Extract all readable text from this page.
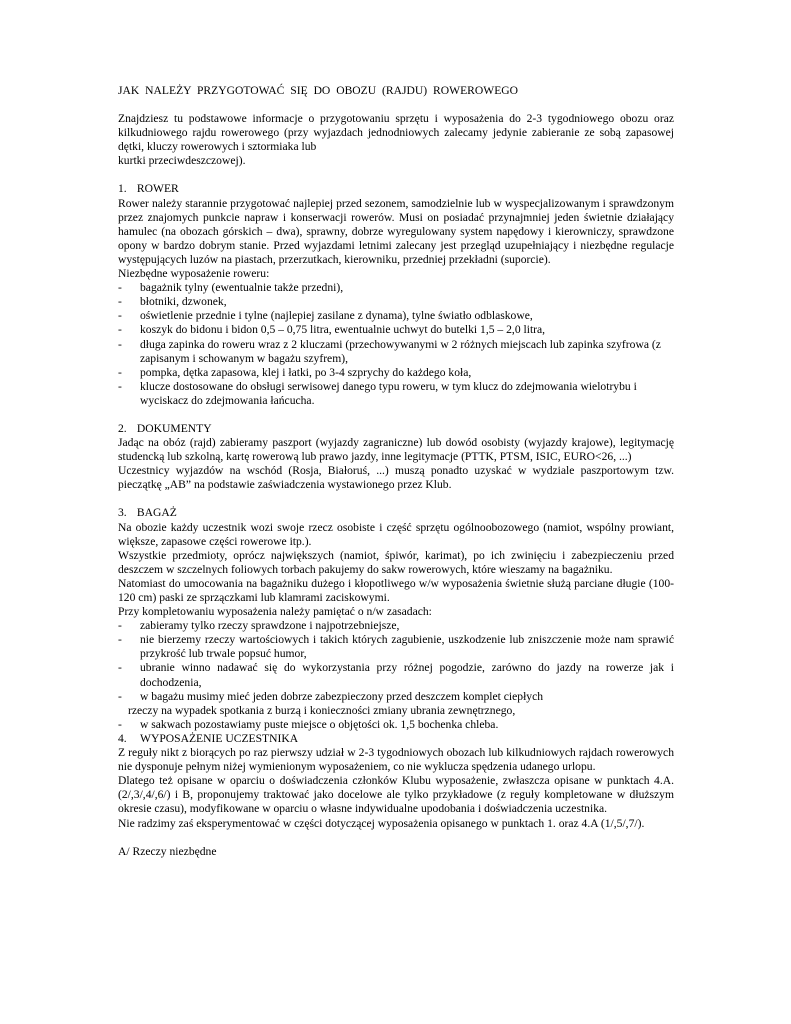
JAK NALEŻY PRZYGOTOWAĆ SIĘ DO OBOZU (RAJDU) ROWEROWEGO

Znajdziesz tu podstawowe informacje o przygotowaniu sprzętu i wyposażenia do 2-3 tygodniowego obozu oraz kilkudniowego rajdu rowerowego (przy wyjazdach jednodniowych zalecamy jedynie zabieranie ze sobą zapasowej dętki, kluczy rowerowych i sztormiaka lub

kurtki przeciwdeszczowej).

1. ROWER

Rower należy starannie przygotować najlepiej przed sezonem, samodzielnie lub w wyspecjalizowanym i sprawdzonym przez znajomych punkcie napraw i konserwacji rowerów. Musi on posiadać przynajmniej jeden świetnie działający hamulec (na obozach górskich – dwa), sprawny, dobrze wyregulowany system napędowy i kierowniczy, sprawdzone opony w bardzo dobrym stanie. Przed wyjazdami letnimi zalecany jest przegląd uzupełniający i niezbędne regulacje występujących luzów na piastach, przerzutkach, kierowniku, przedniej przekładni (suporcie).

Niezbędne wyposażenie roweru:

- bagażnik tylny (ewentualnie także przedni),
- błotniki, dzwonek,
- oświetlenie przednie i tylne (najlepiej zasilane z dynama), tylne światło odblaskowe,
- koszyk do bidonu i bidon 0,5 – 0,75 litra, ewentualnie uchwyt do butelki 1,5 – 2,0 litra,
- długa zapinka do roweru wraz z 2 kluczami (przechowywanymi w 2 różnych miejscach lub zapinka szyfrowa (z zapisanym i schowanym w bagażu szyfrem),
- pompka, dętka zapasowa, klej i łatki, po 3-4 szprychy do każdego koła,
- klucze dostosowane do obsługi serwisowej danego typu roweru, w tym klucz do zdejmowania wielotrybu i wyciskacz do zdejmowania łańcucha.

2. DOKUMENTY

Jadąc na obóz (rajd) zabieramy paszport (wyjazdy zagraniczne) lub dowód osobisty (wyjazdy krajowe), legitymację studencką lub szkolną, kartę rowerową lub prawo jazdy, inne legitymacje (PTTK, PTSM, ISIC, EURO<26, ...)

Uczestnicy wyjazdów na wschód (Rosja, Białoruś, ...) muszą ponadto uzyskać w wydziale paszportowym tzw. pieczątkę „AB” na podstawie zaświadczenia wystawionego przez Klub.

3. BAGAŻ

Na obozie każdy uczestnik wozi swoje rzecz osobiste i część sprzętu ogólnoobozowego (namiot, wspólny prowiant, większe, zapasowe części rowerowe itp.).

Wszystkie przedmioty, oprócz największych (namiot, śpiwór, karimat), po ich zwinięciu i zabezpieczeniu przed deszczem w szczelnych foliowych torbach pakujemy do sakw rowerowych, które wieszamy na bagażniku.

Natomiast do umocowania na bagażniku dużego i kłopotliwego w/w wyposażenia świetnie służą parciane długie (100-120 cm) paski ze sprzączkami lub klamrami zaciskowymi.

Przy kompletowaniu wyposażenia należy pamiętać o n/w zasadach:

- zabieramy tylko rzeczy sprawdzone i najpotrzebniejsze,
- nie bierzemy rzeczy wartościowych i takich których zagubienie, uszkodzenie lub zniszczenie może nam sprawić przykrość lub trwale popsuć humor,
- ubranie winno nadawać się do wykorzystania przy różnej pogodzie, zarówno do jazdy na rowerze jak i dochodzenia,
- w bagażu musimy mieć jeden dobrze zabezpieczony przed deszczem komplet ciepłych

rzeczy na wypadek spotkania z burzą i konieczności zmiany ubrania zewnętrznego,

- w sakwach pozostawiamy puste miejsce o objętości ok. 1,5 bochenka chleba.

4. WYPOSAŻENIE UCZESTNIKA

Z reguły nikt z biorących po raz pierwszy udział w 2-3 tygodniowych obozach lub kilkudniowych rajdach rowerowych nie dysponuje pełnym niżej wymienionym wyposażeniem, co nie wyklucza spędzenia udanego urlopu.

Dlatego też opisane w oparciu o doświadczenia członków Klubu wyposażenie, zwłaszcza opisane w punktach 4.A.(2/,3/,4/,6/) i B, proponujemy traktować jako docelowe ale tylko przykładowe (z reguły kompletowane w dłuższym okresie czasu), modyfikowane w oparciu o własne indywidualne upodobania i doświadczenia uczestnika.

Nie radzimy zaś eksperymentować w części dotyczącej wyposażenia opisanego w punktach 1. oraz 4.A (1/,5/,7/).

A/ Rzeczy niezbędne
